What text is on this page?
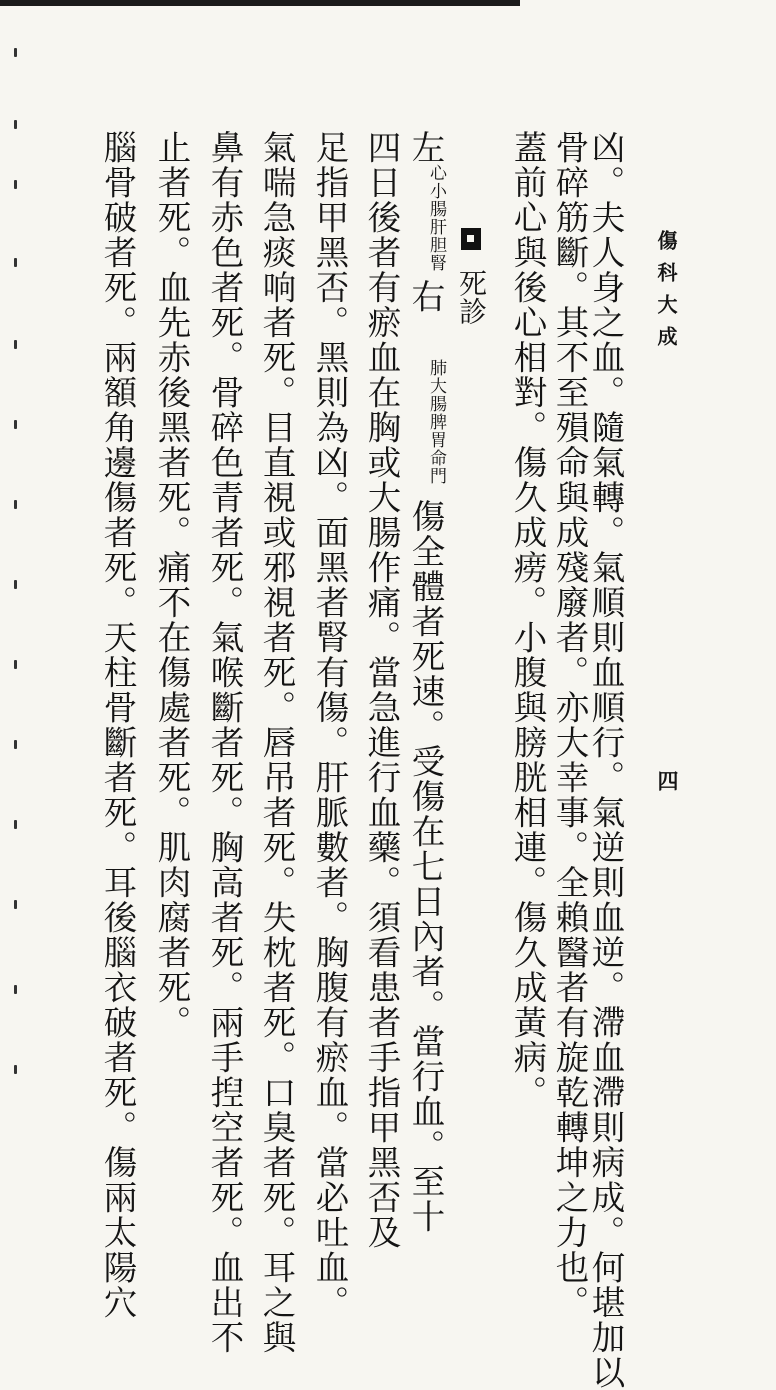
傷科大成
四
凶。夫人身之血。隨氣轉。氣順則血順行。氣逆則血逆。滯血滯則病成。何堪加以
骨碎筋斷。其不至殞命與成殘廢者。亦大幸事。全賴醫者有旋乾轉坤之力也。
蓋前心與後心相對。傷久成痨。小腹與膀胱相連。傷久成黃病。
死診
左
心小腸肝胆腎
右
肺大腸脾胃命門
傷全體者死速。受傷在七日內者。當行血。至十
四日後者有瘀血在胸或大腸作痛。當急進行血藥。須看患者手指甲黑否及
足指甲黑否。黑則為凶。面黑者腎有傷。肝脈數者。胸腹有瘀血。當必吐血。
氣喘急痰响者死。目直視或邪視者死。唇吊者死。失枕者死。口臭者死。耳之與
鼻有赤色者死。骨碎色青者死。氣喉斷者死。胸高者死。兩手揑空者死。血出不
止者死。血先赤後黑者死。痛不在傷處者死。肌肉腐者死。
腦骨破者死。兩額角邊傷者死。天柱骨斷者死。耳後腦衣破者死。傷兩太陽穴
